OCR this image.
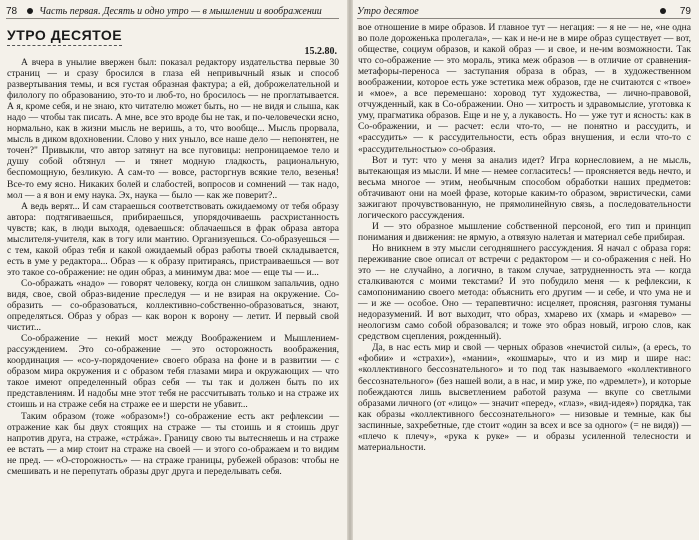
78 Часть первая. Десять и одно утро — в мышлении и воображении
УТРО ДЕСЯТОЕ
15.2.80.

А вчера в унылие ввержен был: показал редактору издательства первые 30 страниц — и сразу бросился в глаза ей непривычный язык и способ развертывания темы, и вся густая образная фактура; а ей, доброжелательной и филологу по образованию, это-то и люб-то, но бросилось — не проглатывается. А я, кроме себя, и не знаю, кто читателю может быть, но — не видя и слыша, как надо — чтобы так писать. А мне, все это вроде бы не так, и по-человечески ясно, нормально, как в жизни мысль не веришь, а то, что вообще... Мысль прорвала, мысль в диком вдохновении. Слово у них уныло, все наше дело — непонятен, не точен?" Привыкли, что автор затянут на все пуговицы: непроницаемое тело и душу собой обтянул — и тянет модную гладкость, рациональную, беспомощную, безликую. А сам-то — вовсе, расторгнув всякие тело, везенья! Все-то ему ясно. Никаких болей и слабостей, вопросов и сомнений — так надо, мол — а я вон и ему наука. Эх, наука — было — как же поверит?..

А ведь верят... И сам стараешься соответствовать ожидаемому от тебя образу автора: подтягиваешься, прибираешься, упорядочиваешь расхристанность чувств; как, в люди выходя, одеваешься: облачаешься в фрак образа автора мыслителя-учителя, как в тогу или мантию. Организуешься. Со-образуешься — с тем, какой образ тебя и какой ожидаемый образ работы твоей складывается, есть в уме у редактора... Образ — к образу притираясь, пристраиваешься — вот это такое со-ображение: не один образ, а минимум два: мое — еще ты — и...

Со-ображать «надо» — говорят человеку, когда он слишком запальчив, одно видя, свое, свой образ-видение преследуя — и не взирая на окружение. Со-образить — со-образоваться, коллективно-собственно-образоваться, знают, определяться. Образ у образ — как ворон к ворону — летит. И первый свой чистит...

Со-ображение — некий мост между Воображением и Мышлением-рассуждением. Это со-ображение — это осторожность воображения, координация — «со-у-порядочение» своего образа на фоне и в развитии — с образом мира окружения и с образом тебя глазами мира и окружающих — что такое имеют определенный образ себя — ты так и должен быть по их представлениям. И надобы мне этот тебя не рассчитывать только и на страже их стоишь и на страже себя на страже ее и шерсти не убавит...

Таким образом (тоже «образом»!) со-ображение есть акт рефлексии — отражение как бы двух стоящих на страже — ты стоишь и я стоишь друг напротив друга, на страже, «стрáжа». Границу свою ты вытесняешь и на страже ее встать — а мир стоит на страже на своей — и этого со-ображаем и то видим не пред. — «О-сторожность» — на страже границы, рубежей образов: чтобы не смешивать и не перепутать образы друг друга и переделывать себя.

Утро десятое	79

вое отношение в мире образов. И главное тут — негация: — я не — не, «не одна во поле дороженька пролегала», — как и не-и не в мире образ существует — вот, обществе, социум образов, и какой образ — и свое, и не-им возможности. Так что со-ображение — это мораль, этика меж образов — в отличие от сравнения-метафоры-переноса — заступания образа в образ, — в художественном воображении, которое есть уже эстетика меж образов, где не считаются с «твое» и «мое», а все перемешано: хоровод тут художества, — лично-правовой, отчужденный, как в Со-ображении. Оно — хитрость и здравомыслие, уготовка к уму, прагматика образов. Еще и не у, а лукавость. Но — уже тут и ясность: как в Со-ображении, и — расчет: если что-то, — не понятно и рассудить, и «рассудить» — к рассудительности, есть образ внушения, и если что-то с «рассудительностью» со-образия.

Вот и тут: что у меня за анализ идет? Игра корнесловием, а не мысль, вытекающая из мысли. И мне — немее согласитесь! — проясняется ведь нечто, и весьма многое — этим, необычным способом обработки наших предметов: обтачивают они на моей фразе, которые каким-то образом, эвристически, сами зажигают прочувствованную, не прямолинейную связь, а последовательности логического рассуждения.

И — это образное мышление собственной персоной, его тип и принцип понимания и движения: не ярмую, а отвязую налетая и материал себе прибирая.

Но вникнем в эту мысли сегодняшнего рассуждения. Я начал с образа горя: переживание свое описал от встречи с редактором — и со-ображения с ней. Но это — не случайно, а логично, в таком случае, затрудненность эта — когда сталкиваются с моими текстами? И это побудило меня — к рефлексии, к самопониманию своего метода: объяснить его другим — и себе, и что ума не и — и же — особое. Оно — терапевтично: исцеляет, проясняя, разгоняя туманы недоразумений. И вот выходит, что образ, хмарево их (хмарь и «марево» — неологизм само собой образовался; и тоже это образ новый, игрою слов, как средством сцепления, рожденный).

Да, в нас есть мир и свой — черных образов «нечистой силы», (а ересь, то «фобии» и «страхи»), «мании», «кошмары», что и из мир и шире нас: «коллективного бессознательного» и то под так называемого «коллективного бессознательного» (без нашей воли, а в нас, и мир уже, по «дремлет»), и которые побеждаются лишь высветлением работой разума — вкупе со светлыми образами личного (от «лицо» — значит «перед», «глаз», «вид-идея») порядка, так как образы «коллективного бессознательного» — низовые и темные, как бы заспинные, захребетные, где стоит «один за всех и все за одного» (= не видя)) — «плечо к плечу», «рука к руке» — и образы усиленной телесности и материальности.
